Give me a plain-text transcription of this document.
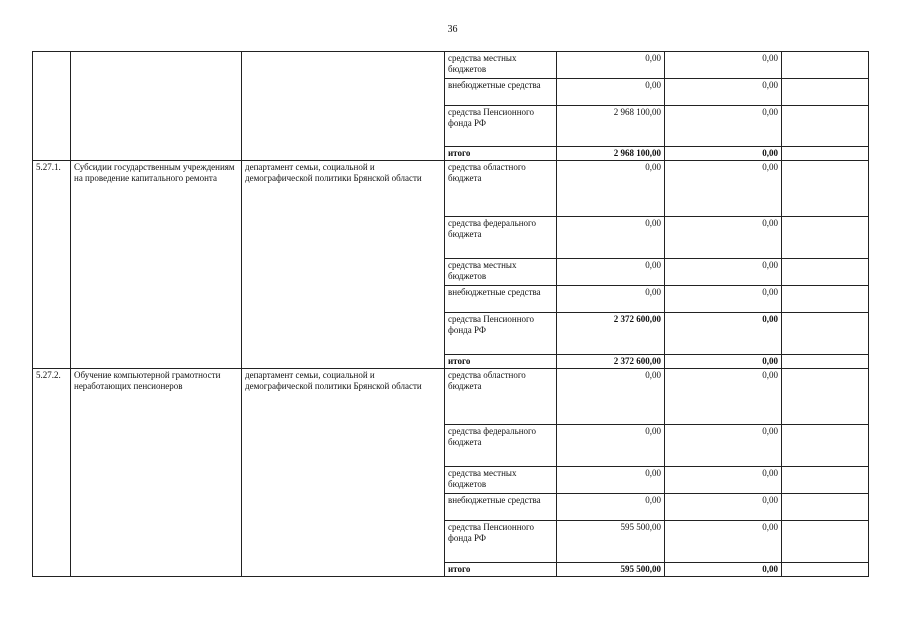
36
			средства местных бюджетов	0,00	0,00	
			внебюджетные средства	0,00	0,00	
			средства Пенсионного фонда РФ	2 968 100,00	0,00	
			итого	2 968 100,00	0,00	
5.27.1.	Субсидии государственным учреждениям на проведение капитального ремонта	департамент семьи, социальной и демографической политики Брянской области	средства областного бюджета	0,00	0,00	
			средства федерального бюджета	0,00	0,00	
			средства местных бюджетов	0,00	0,00	
			внебюджетные средства	0,00	0,00	
			средства Пенсионного фонда РФ	2 372 600,00	0,00	
			итого	2 372 600,00	0,00	
5.27.2.	Обучение компьютерной грамотности неработающих пенсионеров	департамент семьи, социальной и демографической политики Брянской области	средства областного бюджета	0,00	0,00	
			средства федерального бюджета	0,00	0,00	
			средства местных бюджетов	0,00	0,00	
			внебюджетные средства	0,00	0,00	
			средства Пенсионного фонда РФ	595 500,00	0,00	
			итого	595 500,00	0,00	
